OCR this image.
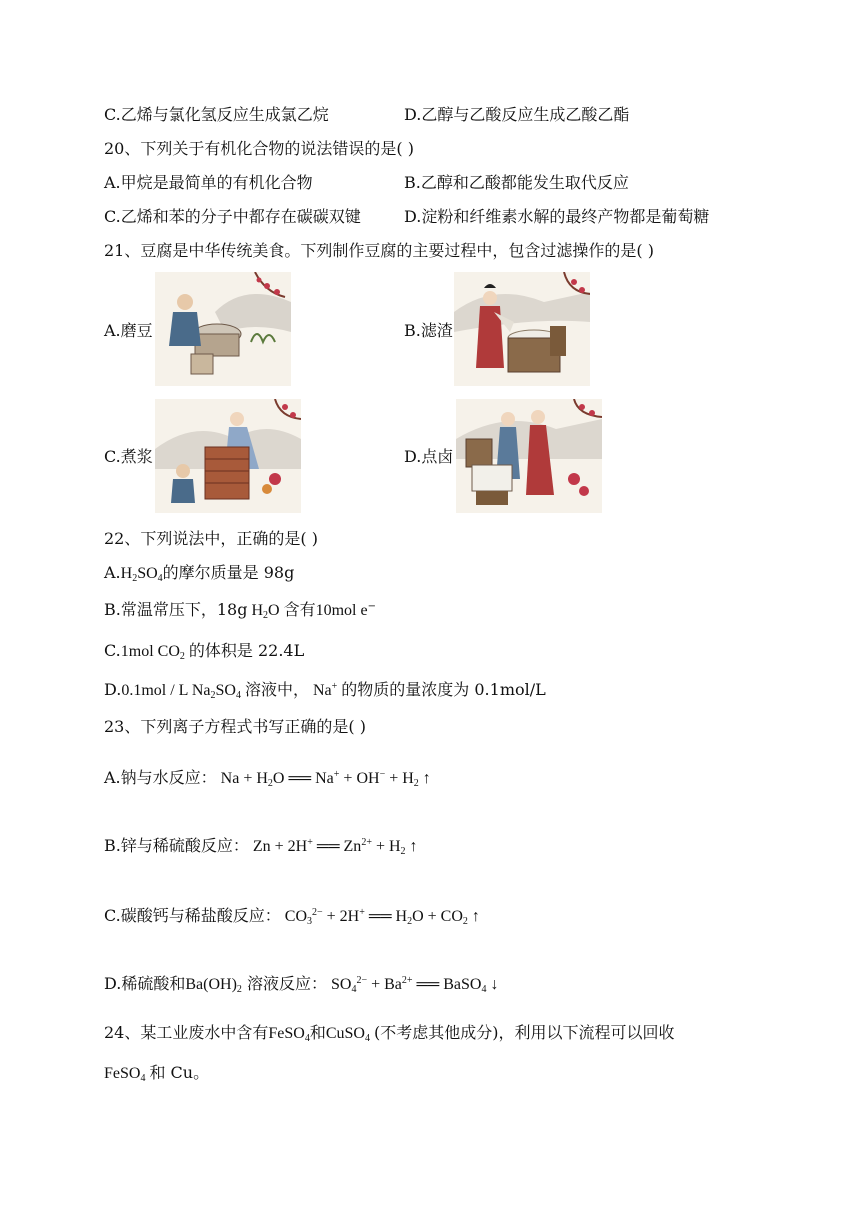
C.乙烯与氯化氢反应生成氯乙烷	D.乙醇与乙酸反应生成乙酸乙酯
20、下列关于有机化合物的说法错误的是( )
A.甲烷是最简单的有机化合物	B.乙醇和乙酸都能发生取代反应
C.乙烯和苯的分子中都存在碳碳双键	D.淀粉和纤维素水解的最终产物都是葡萄糖
21、豆腐是中华传统美食。下列制作豆腐的主要过程中，包含过滤操作的是( )
A.磨豆	B.滤渣
C.煮浆	D.点卤
22、下列说法中，正确的是( )
$A.H_2SO_4$的摩尔质量是 98g
B.常温常压下，18g $H_2O$ 含有10mol e−
C.1mol $CO_2$ 的体积是 22.4L
D.0.1mol / L $Na_2SO_4$ 溶液中， Na+ 的物质的量浓度为 0.1mol/L
23、下列离子方程式书写正确的是( )
A.钠与水反应： $Na + H_2O$ ══ $Na^+ + OH^- + H_2$ ↑
B.锌与稀硫酸反应： Zn + 2H+ ══ $Zn^{2+} + H_2$ ↑
C.碳酸钙与稀盐酸反应： $CO_3^{2-} + 2H^+$ ══ $H_2O + CO_2$ ↑
D.稀硫酸和$Ba(OH)_2$ 溶液反应： $SO_4^{2-} + Ba^{2+}$ ══ BaSO$_4$ ↓
24、某工业废水中含有FeSO$_4$和CuSO$_4$ (不考虑其他成分)，利用以下流程可以回收
FeSO$_4$ 和 Cu。
